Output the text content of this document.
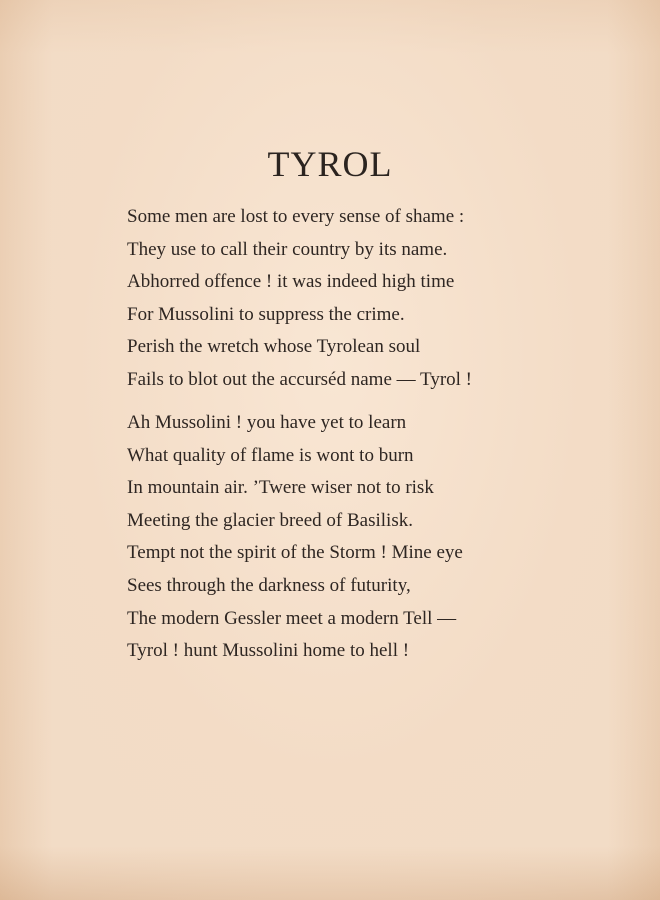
TYROL
Some men are lost to every sense of shame :
They use to call their country by its name.
Abhorred offence ! it was indeed high time
For Mussolini to suppress the crime.
Perish the wretch whose Tyrolean soul
Fails to blot out the accurséd name — Tyrol !
Ah Mussolini ! you have yet to learn
What quality of flame is wont to burn
In mountain air. ’Twere wiser not to risk
Meeting the glacier breed of Basilisk.
Tempt not the spirit of the Storm ! Mine eye
Sees through the darkness of futurity,
The modern Gessler meet a modern Tell —
Tyrol ! hunt Mussolini home to hell !
